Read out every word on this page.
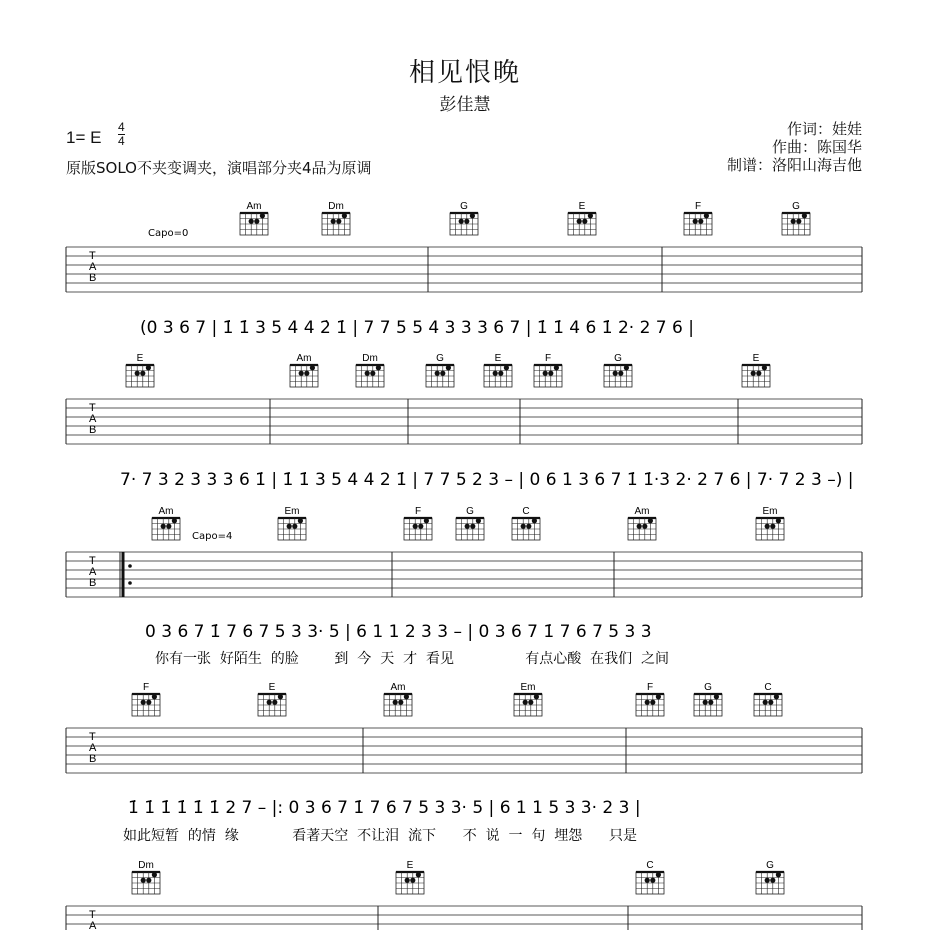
相见恨晚
彭佳慧
1= E
4
4
原版SOLO不夹变调夹，演唱部分夹4品为原调
作词：娃娃
作曲：陈国华
制谱：洛阳山海吉他
Capo=0
Capo=4
(0 3 6 7 | 1̇ 1̇ 3 5 4 4 2̇ 1̇ | 7 7 5 5 4 3 3 3 6 7 | 1̇ 1̇ 4 6 1̇ 2· 2 7 6 |
7· 7 3 2 3 3 3 6 1̇ | 1̇ 1̇ 3 5 4 4 2 1̇ | 7 7 5 2 3 – | 0 6 1 3 6 7 1̇ 1̇·3 2· 2 7 6 | 7· 7 2 3 –) |
0 3 6 7 1̇ 7 6 7 5 3 3· 5 | 6 1 1 2 3 3 – | 0 3 6 7 1̇ 7 6 7 5 3 3
你有一张  好陌生  的脸        到  今  天  才  看见                有点心酸  在我们  之间
1̇ 1̇ 1̇ 1̇ 1̇ 1̇ 2 7 – |: 0 3 6 7 1̇ 7 6 7 5 3 3· 5 | 6 1 1 5 3 3· 2 3 |
如此短暂  的情  缘            看著天空  不让泪  流下      不  说  一  句  埋怨      只是
T
A
B
T
A
B
T
A
B
T
A
B
T
A
Am	Dm	G	E	F	G
E	Am	Dm	G	E	F	G	E
Am	Em	F	G	C	Am	Em
F	E	Am	Em	F	G	C
Dm	E	C	G
